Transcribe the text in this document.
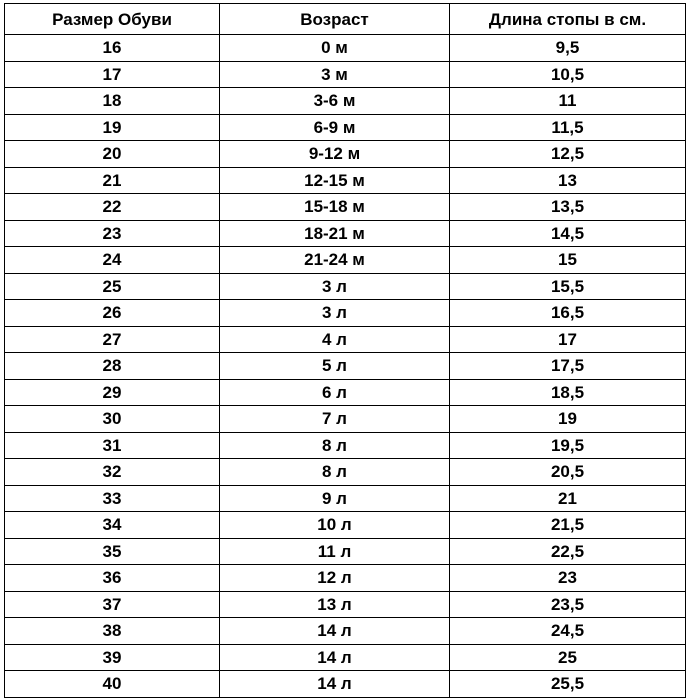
Размер Обуви	Возраст	Длина стопы в см.
16	0 м	9,5
17	3 м	10,5
18	3-6 м	11
19	6-9 м	11,5
20	9-12 м	12,5
21	12-15 м	13
22	15-18 м	13,5
23	18-21 м	14,5
24	21-24 м	15
25	3 л	15,5
26	3 л	16,5
27	4 л	17
28	5 л	17,5
29	6 л	18,5
30	7 л	19
31	8 л	19,5
32	8 л	20,5
33	9 л	21
34	10 л	21,5
35	11 л	22,5
36	12 л	23
37	13 л	23,5
38	14 л	24,5
39	14 л	25
40	14 л	25,5
